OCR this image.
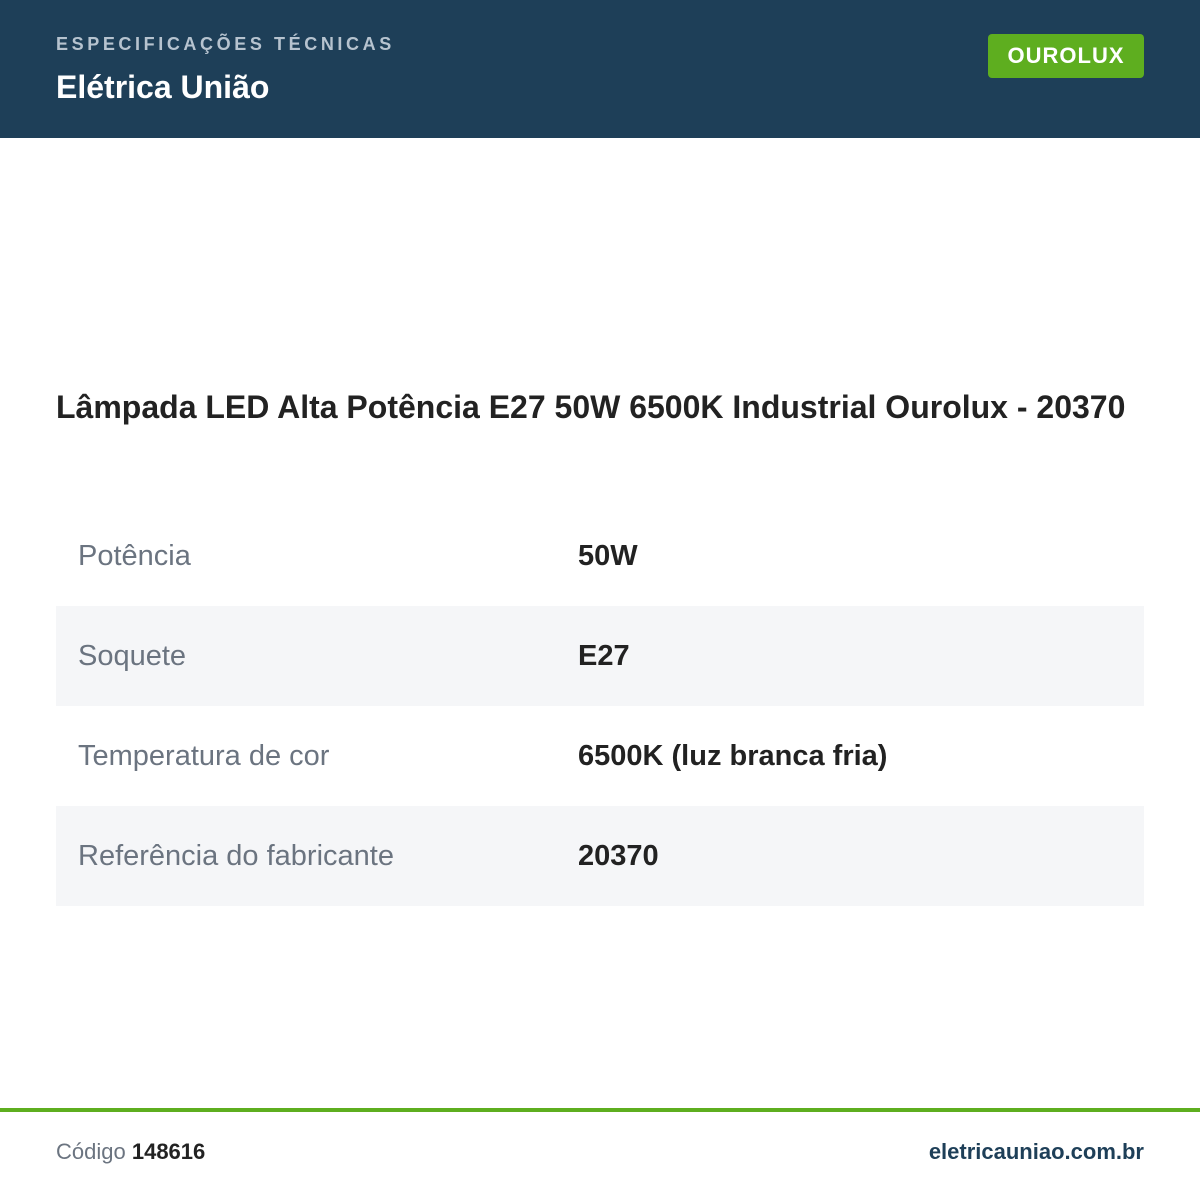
ESPECIFICAÇÕES TÉCNICAS
Elétrica União
OUROLUX
Lâmpada LED Alta Potência E27 50W 6500K Industrial Ourolux - 20370
Potência	50W
Soquete	E27
Temperatura de cor	6500K (luz branca fria)
Referência do fabricante	20370
Código 148616	eletricauniao.com.br
